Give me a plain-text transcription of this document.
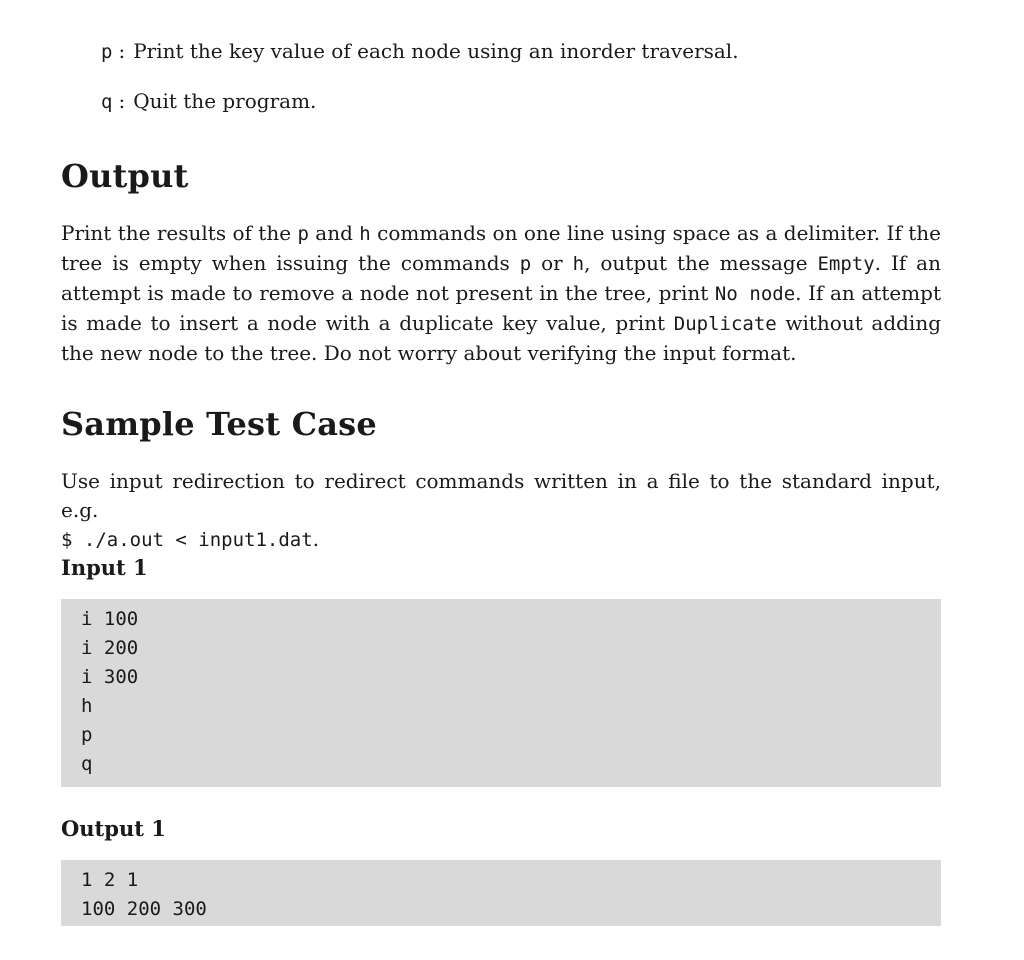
p : Print the key value of each node using an inorder traversal.
q : Quit the program.
Output

Print the results of the p and h commands on one line using space as a delimiter. If the tree is empty when issuing the commands p or h, output the message Empty. If an attempt is made to remove a node not present in the tree, print No node. If an attempt is made to insert a node with a duplicate key value, print Duplicate without adding the new node to the tree. Do not worry about verifying the input format.

Sample Test Case

Use input redirection to redirect commands written in a file to the standard input, e.g.
$ ./a.out < input1.dat.

Input 1
i 100
i 200
i 300
h
p
q
Output 1
1 2 1
100 200 300
